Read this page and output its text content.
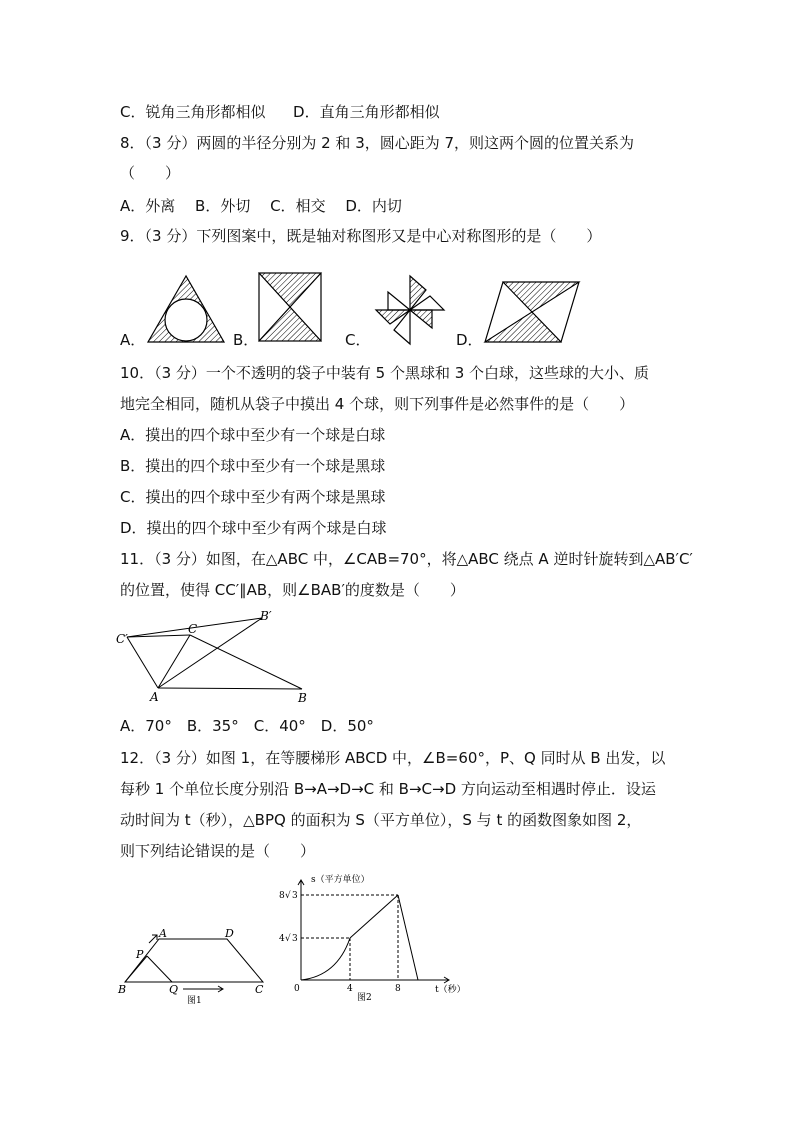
C．锐角三角形都相似 D．直角三角形都相似
8．（3 分）两圆的半径分别为 2 和 3，圆心距为 7，则这两个圆的位置关系为
（　　）
A．外离　 B．外切　 C．相交　 D．内切
9．（3 分）下列图案中，既是轴对称图形又是中心对称图形的是（　　）
A．	B．	C．	D．
10．（3 分）一个不透明的袋子中装有 5 个黑球和 3 个白球，这些球的大小、质
地完全相同，随机从袋子中摸出 4 个球，则下列事件是必然事件的是（　　）
A．摸出的四个球中至少有一个球是白球
B．摸出的四个球中至少有一个球是黑球
C．摸出的四个球中至少有两个球是黑球
D．摸出的四个球中至少有两个球是白球
11．（3 分）如图，在△ABC 中，∠CAB=70°，将△ABC 绕点 A 逆时针旋转到△AB′C′
的位置，使得 CC′∥AB，则∠BAB′的度数是（　　）
C′
B′
C
A	B
A．70°　B．35°　C．40°　D．50°
12．（3 分）如图 1，在等腰梯形 ABCD 中，∠B=60°，P、Q 同时从 B 出发，以
每秒 1 个单位长度分别沿 B→A→D→C 和 B→C→D 方向运动至相遇时停止．设运
动时间为 t（秒），△BPQ 的面积为 S（平方单位），S 与 t 的函数图象如图 2，
则下列结论错误的是（　　）
A	D
P
B	Q	C
图1
s（平方单位）
8 √ 3
4 √ 3
0	4	8	t（秒）
图2
